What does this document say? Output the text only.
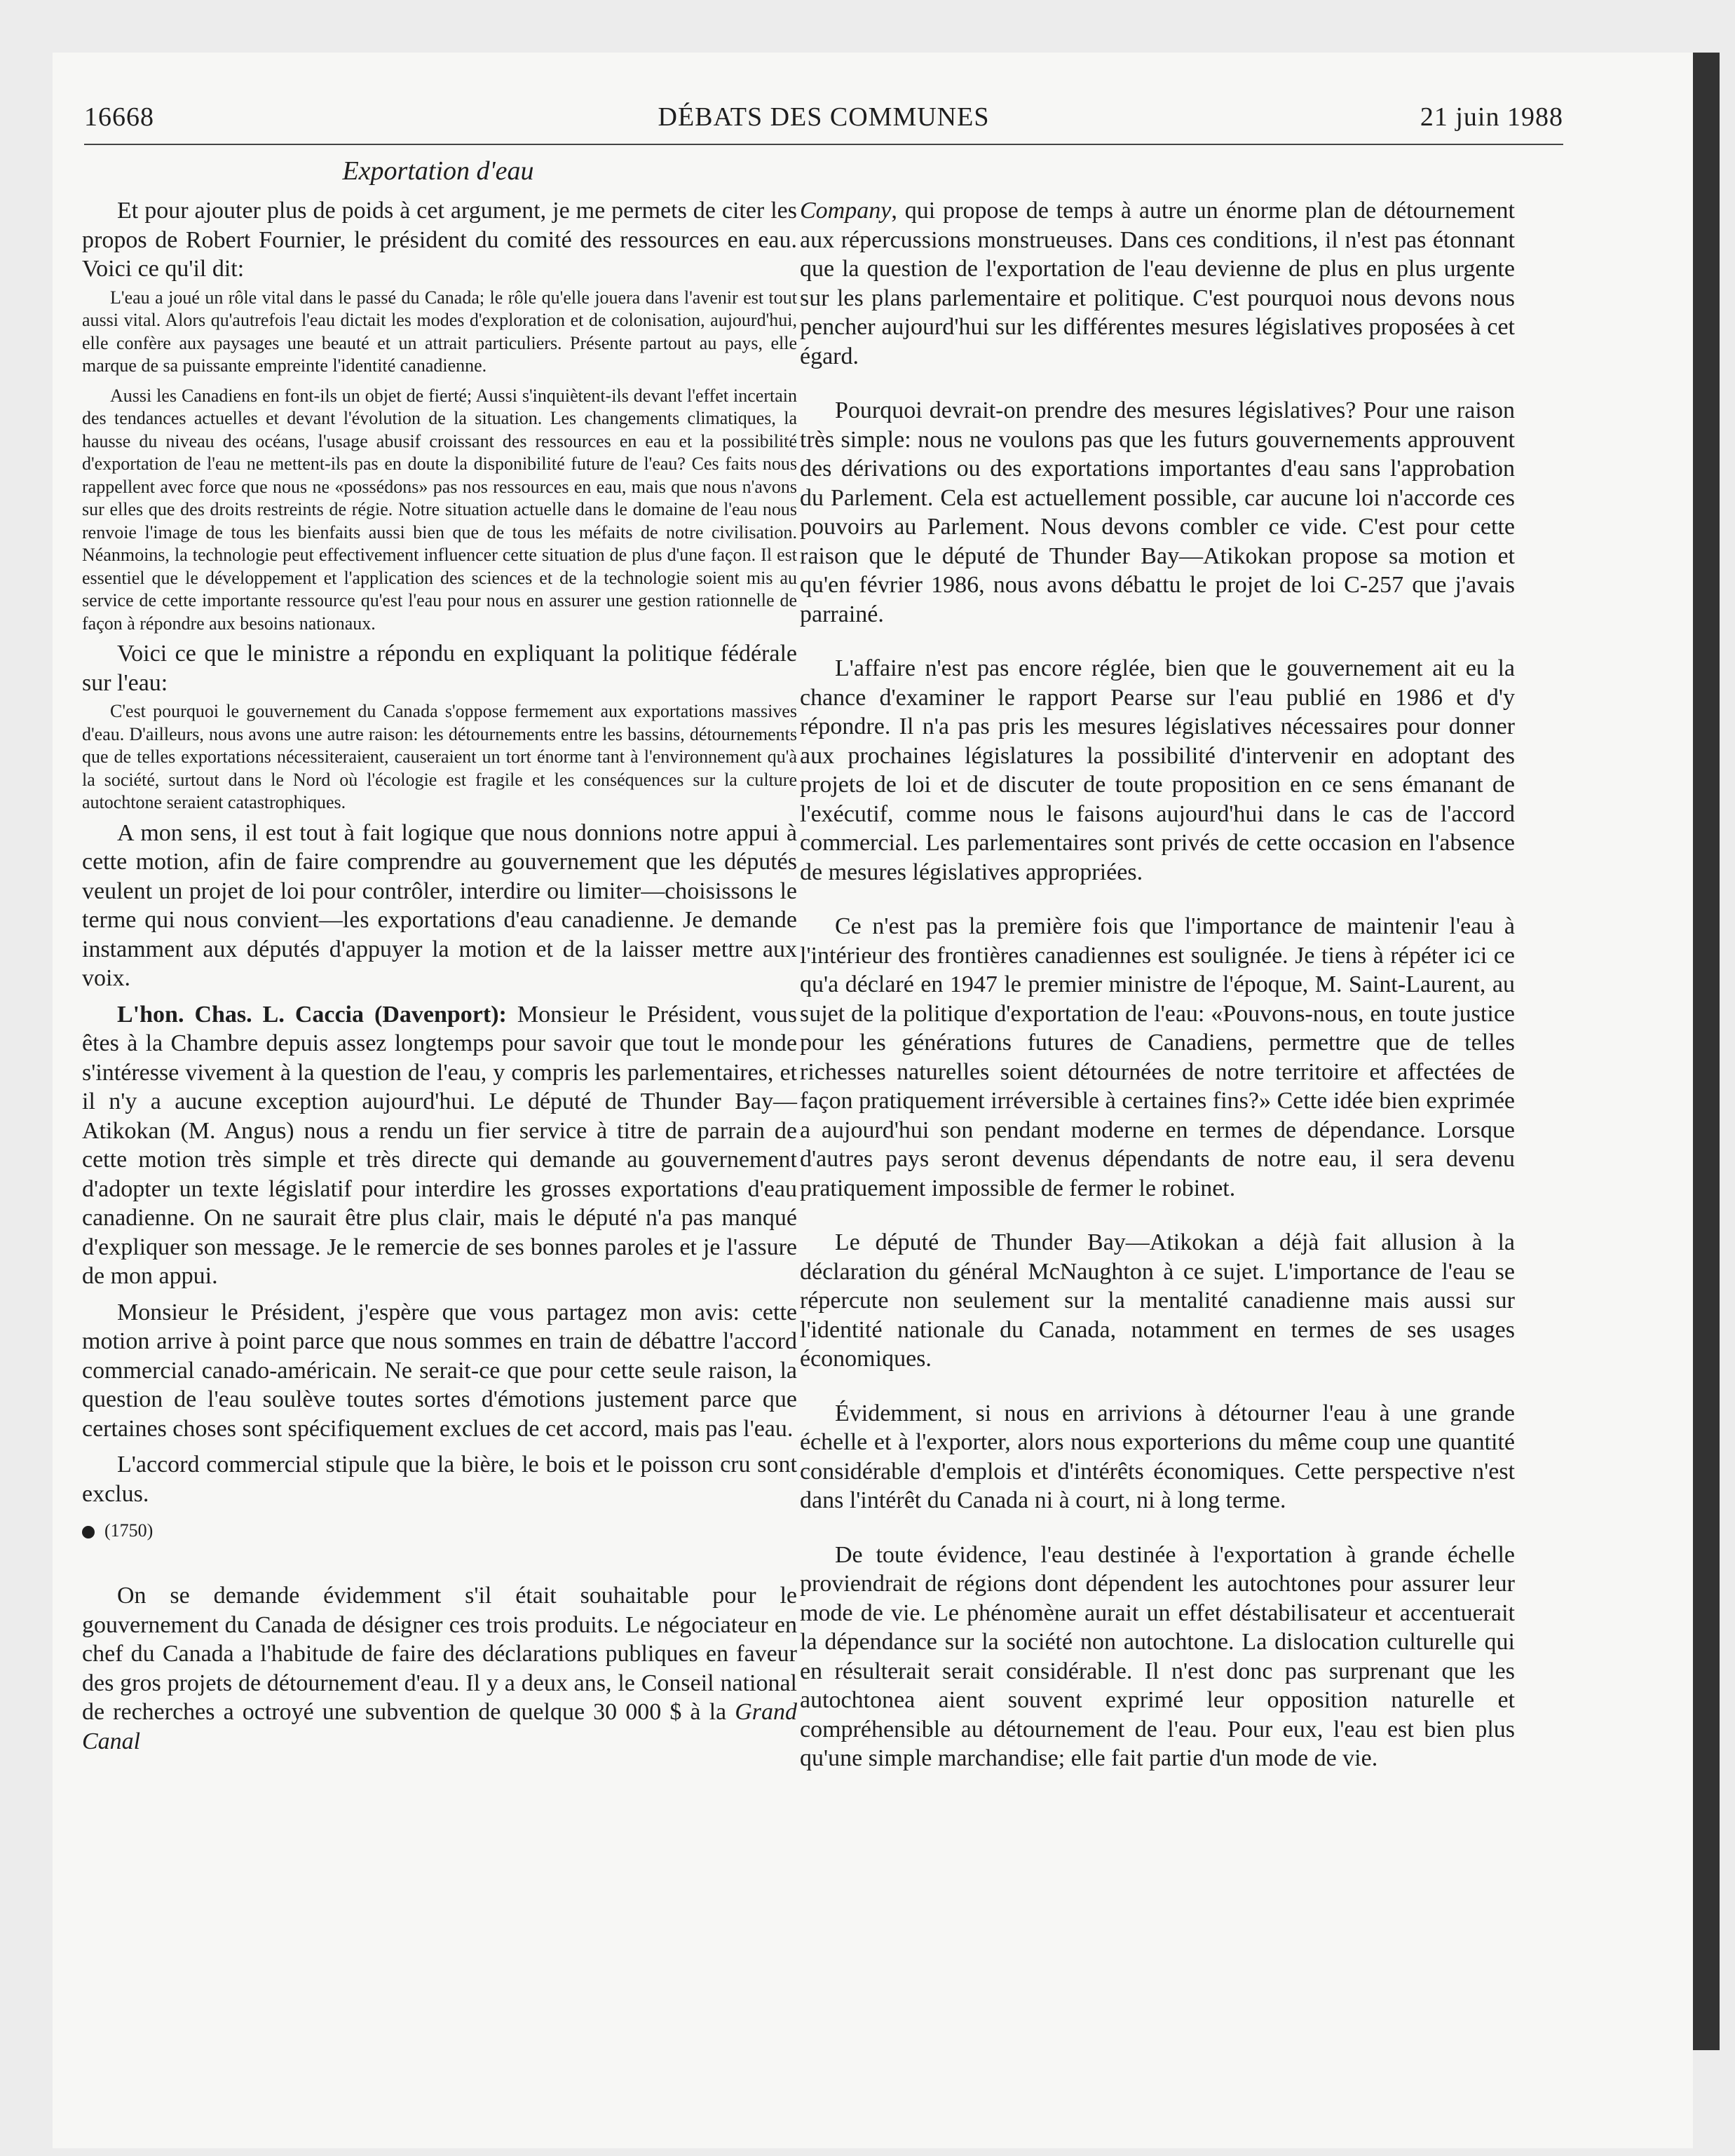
16668	DÉBATS DES COMMUNES	21 juin 1988
Exportation d'eau

Et pour ajouter plus de poids à cet argument, je me permets de citer les propos de Robert Fournier, le président du comité des ressources en eau. Voici ce qu'il dit:

L'eau a joué un rôle vital dans le passé du Canada; le rôle qu'elle jouera dans l'avenir est tout aussi vital. Alors qu'autrefois l'eau dictait les modes d'exploration et de colonisation, aujourd'hui, elle confère aux paysages une beauté et un attrait particuliers. Présente partout au pays, elle marque de sa puissante empreinte l'identité canadienne.

Aussi les Canadiens en font-ils un objet de fierté; Aussi s'inquiètent-ils devant l'effet incertain des tendances actuelles et devant l'évolution de la situation. Les changements climatiques, la hausse du niveau des océans, l'usage abusif croissant des ressources en eau et la possibilité d'exportation de l'eau ne mettent-ils pas en doute la disponibilité future de l'eau? Ces faits nous rappellent avec force que nous ne «possédons» pas nos ressources en eau, mais que nous n'avons sur elles que des droits restreints de régie. Notre situation actuelle dans le domaine de l'eau nous renvoie l'image de tous les bienfaits aussi bien que de tous les méfaits de notre civilisation. Néanmoins, la technologie peut effectivement influencer cette situation de plus d'une façon. Il est essentiel que le développement et l'application des sciences et de la technologie soient mis au service de cette importante ressource qu'est l'eau pour nous en assurer une gestion rationnelle de façon à répondre aux besoins nationaux.

Voici ce que le ministre a répondu en expliquant la politique fédérale sur l'eau:

C'est pourquoi le gouvernement du Canada s'oppose fermement aux exportations massives d'eau. D'ailleurs, nous avons une autre raison: les détournements entre les bassins, détournements que de telles exportations nécessiteraient, causeraient un tort énorme tant à l'environnement qu'à la société, surtout dans le Nord où l'écologie est fragile et les conséquences sur la culture autochtone seraient catastrophiques.

A mon sens, il est tout à fait logique que nous donnions notre appui à cette motion, afin de faire comprendre au gouvernement que les députés veulent un projet de loi pour contrôler, interdire ou limiter—choisissons le terme qui nous convient—les exportations d'eau canadienne. Je demande instamment aux députés d'appuyer la motion et de la laisser mettre aux voix.

L'hon. Chas. L. Caccia (Davenport): Monsieur le Président, vous êtes à la Chambre depuis assez longtemps pour savoir que tout le monde s'intéresse vivement à la question de l'eau, y compris les parlementaires, et il n'y a aucune exception aujourd'hui. Le député de Thunder Bay—Atikokan (M. Angus) nous a rendu un fier service à titre de parrain de cette motion très simple et très directe qui demande au gouvernement d'adopter un texte législatif pour interdire les grosses exportations d'eau canadienne. On ne saurait être plus clair, mais le député n'a pas manqué d'expliquer son message. Je le remercie de ses bonnes paroles et je l'assure de mon appui.

Monsieur le Président, j'espère que vous partagez mon avis: cette motion arrive à point parce que nous sommes en train de débattre l'accord commercial canado-américain. Ne serait-ce que pour cette seule raison, la question de l'eau soulève toutes sortes d'émotions justement parce que certaines choses sont spécifiquement exclues de cet accord, mais pas l'eau.

L'accord commercial stipule que la bière, le bois et le poisson cru sont exclus.

(1750)

On se demande évidemment s'il était souhaitable pour le gouvernement du Canada de désigner ces trois produits. Le négociateur en chef du Canada a l'habitude de faire des déclarations publiques en faveur des gros projets de détournement d'eau. Il y a deux ans, le Conseil national de recherches a octroyé une subvention de quelque 30 000 $ à la Grand Canal

Company, qui propose de temps à autre un énorme plan de détournement aux répercussions monstrueuses. Dans ces conditions, il n'est pas étonnant que la question de l'exportation de l'eau devienne de plus en plus urgente sur les plans parlementaire et politique. C'est pourquoi nous devons nous pencher aujourd'hui sur les différentes mesures législatives proposées à cet égard.

Pourquoi devrait-on prendre des mesures législatives? Pour une raison très simple: nous ne voulons pas que les futurs gouvernements approuvent des dérivations ou des exportations importantes d'eau sans l'approbation du Parlement. Cela est actuellement possible, car aucune loi n'accorde ces pouvoirs au Parlement. Nous devons combler ce vide. C'est pour cette raison que le député de Thunder Bay—Atikokan propose sa motion et qu'en février 1986, nous avons débattu le projet de loi C-257 que j'avais parrainé.

L'affaire n'est pas encore réglée, bien que le gouvernement ait eu la chance d'examiner le rapport Pearse sur l'eau publié en 1986 et d'y répondre. Il n'a pas pris les mesures législatives nécessaires pour donner aux prochaines législatures la possibilité d'intervenir en adoptant des projets de loi et de discuter de toute proposition en ce sens émanant de l'exécutif, comme nous le faisons aujourd'hui dans le cas de l'accord commercial. Les parlementaires sont privés de cette occasion en l'absence de mesures législatives appropriées.

Ce n'est pas la première fois que l'importance de maintenir l'eau à l'intérieur des frontières canadiennes est soulignée. Je tiens à répéter ici ce qu'a déclaré en 1947 le premier ministre de l'époque, M. Saint-Laurent, au sujet de la politique d'exportation de l'eau: «Pouvons-nous, en toute justice pour les générations futures de Canadiens, permettre que de telles richesses naturelles soient détournées de notre territoire et affectées de façon pratiquement irréversible à certaines fins?» Cette idée bien exprimée a aujourd'hui son pendant moderne en termes de dépendance. Lorsque d'autres pays seront devenus dépendants de notre eau, il sera devenu pratiquement impossible de fermer le robinet.

Le député de Thunder Bay—Atikokan a déjà fait allusion à la déclaration du général McNaughton à ce sujet. L'importance de l'eau se répercute non seulement sur la mentalité canadienne mais aussi sur l'identité nationale du Canada, notamment en termes de ses usages économiques.

Évidemment, si nous en arrivions à détourner l'eau à une grande échelle et à l'exporter, alors nous exporterions du même coup une quantité considérable d'emplois et d'intérêts économiques. Cette perspective n'est dans l'intérêt du Canada ni à court, ni à long terme.

De toute évidence, l'eau destinée à l'exportation à grande échelle proviendrait de régions dont dépendent les autochtones pour assurer leur mode de vie. Le phénomène aurait un effet déstabilisateur et accentuerait la dépendance sur la société non autochtone. La dislocation culturelle qui en résulterait serait considérable. Il n'est donc pas surprenant que les autochtonea aient souvent exprimé leur opposition naturelle et compréhensible au détournement de l'eau. Pour eux, l'eau est bien plus qu'une simple marchandise; elle fait partie d'un mode de vie.
